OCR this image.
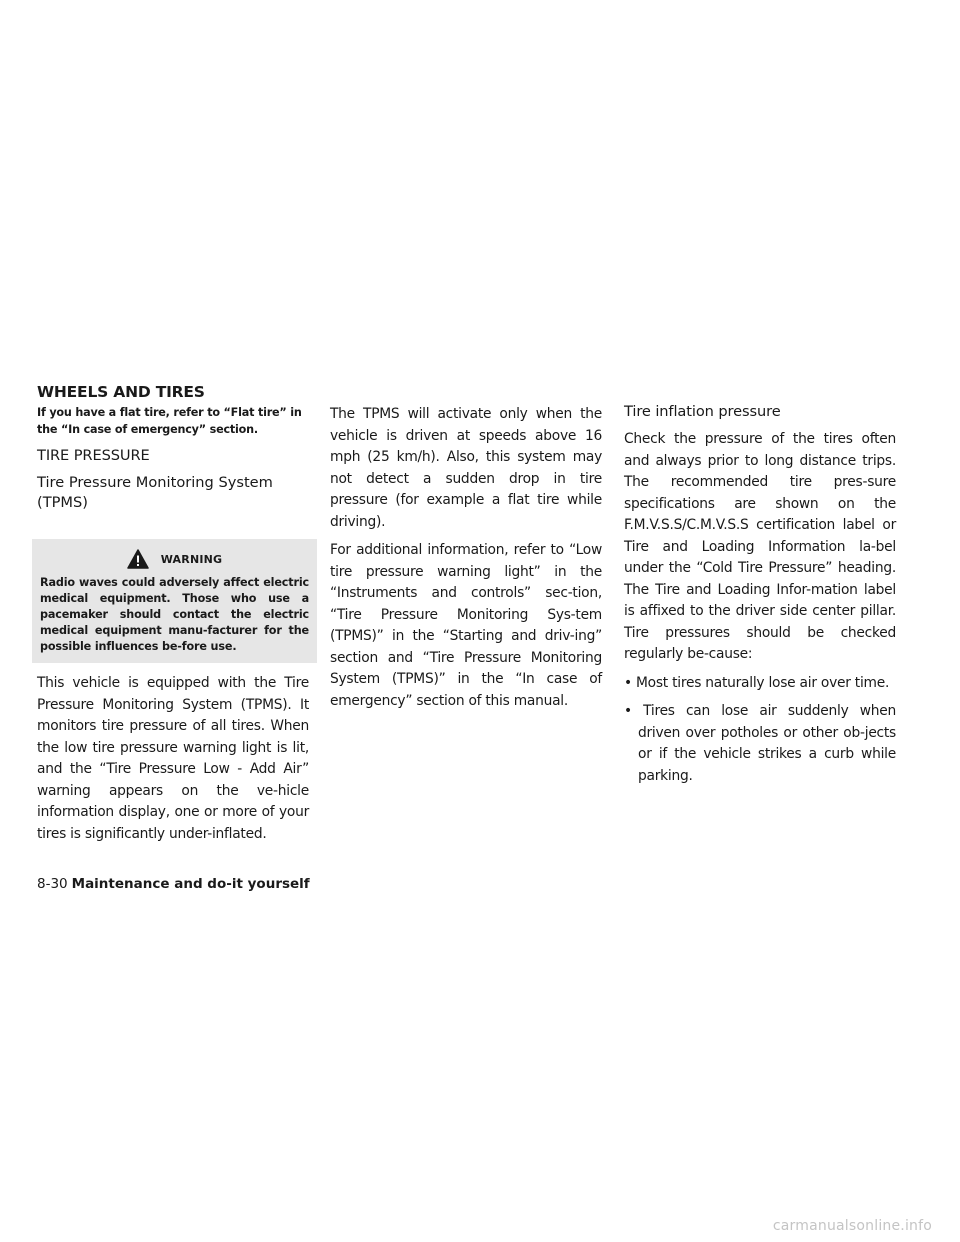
WHEELS AND TIRES

If you have a flat tire, refer to “Flat tire” in the “In case of emergency” section.

TIRE PRESSURE
Tire Pressure Monitoring System (TPMS)
WARNING

Radio waves could adversely affect electric medical equipment. Those who use a pacemaker should contact the electric medical equipment manu-facturer for the possible influences be-fore use.

This vehicle is equipped with the Tire Pressure Monitoring System (TPMS). It monitors tire pressure of all tires. When the low tire pressure warning light is lit, and the “Tire Pressure Low - Add Air” warning appears on the ve-hicle information display, one or more of your tires is significantly under-inflated.

The TPMS will activate only when the vehicle is driven at speeds above 16 mph (25 km/h). Also, this system may not detect a sudden drop in tire pressure (for example a flat tire while driving).

For additional information, refer to “Low tire pressure warning light” in the “Instruments and controls” sec-tion, “Tire Pressure Monitoring Sys-tem (TPMS)” in the “Starting and driv-ing” section and “Tire Pressure Monitoring System (TPMS)” in the “In case of emergency” section of this manual.

Tire inflation pressure

Check the pressure of the tires often and always prior to long distance trips. The recommended tire pres-sure specifications are shown on the F.M.V.S.S/C.M.V.S.S certification label or Tire and Loading Information la-bel under the “Cold Tire Pressure” heading. The Tire and Loading Infor-mation label is affixed to the driver side center pillar. Tire pressures should be checked regularly be-cause:

• Most tires naturally lose air over time.
• Tires can lose air suddenly when driven over potholes or other ob-jects or if the vehicle strikes a curb while parking.
8-30 Maintenance and do-it yourself
carmanualsonline.info
